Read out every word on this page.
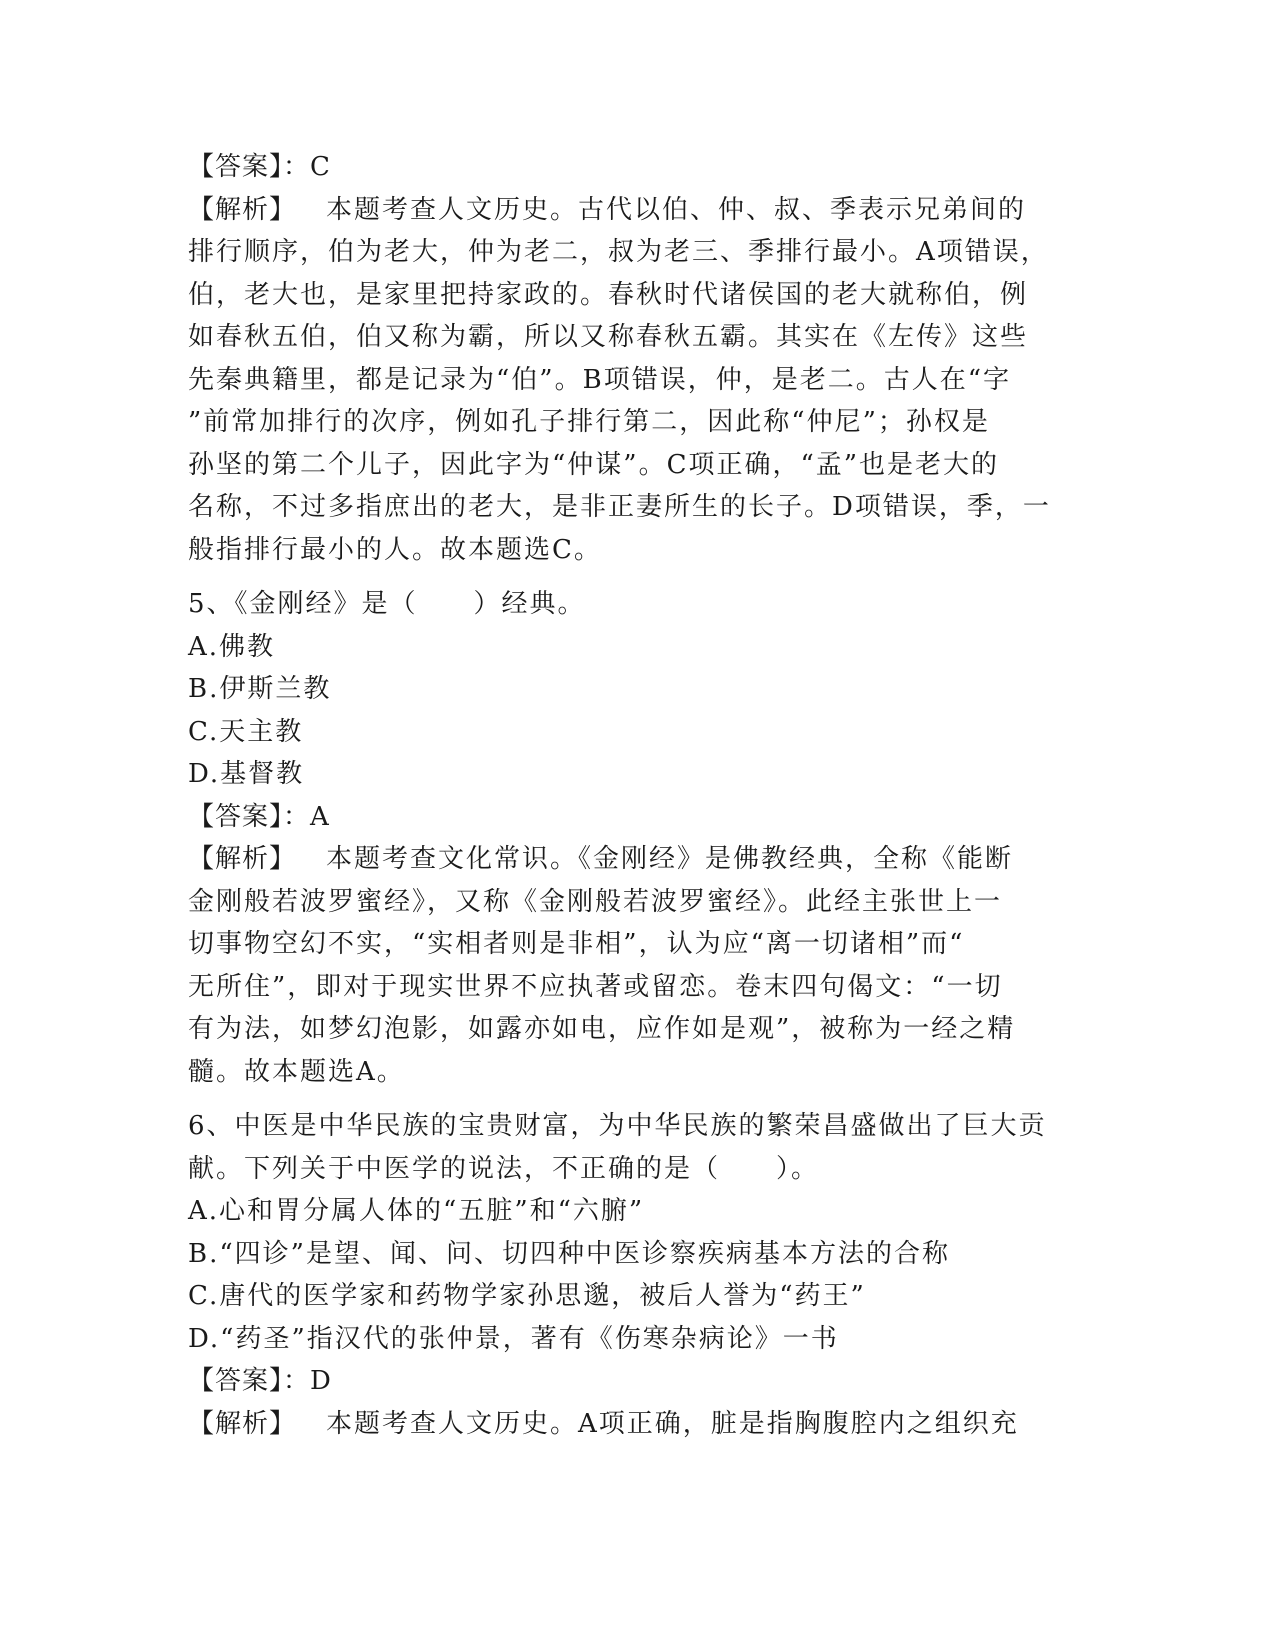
【答案】：C
【解析】 本题考查人文历史。古代以伯、仲、叔、季表示兄弟间的
排行顺序，伯为老大，仲为老二，叔为老三、季排行最小。A项错误，
伯，老大也，是家里把持家政的。春秋时代诸侯国的老大就称伯，例
如春秋五伯，伯又称为霸，所以又称春秋五霸。其实在《左传》这些
先秦典籍里，都是记录为“伯”。B项错误，仲，是老二。古人在“字
”前常加排行的次序，例如孔子排行第二，因此称“仲尼”；孙权是
孙坚的第二个儿子，因此字为“仲谋”。C项正确，“孟”也是老大的
名称，不过多指庶出的老大，是非正妻所生的长子。D项错误，季，一
般指排行最小的人。故本题选C。
5、《金刚经》是（　　）经典。
A.佛教
B.伊斯兰教
C.天主教
D.基督教
【答案】：A
【解析】 本题考查文化常识。《金刚经》是佛教经典，全称《能断
金刚般若波罗蜜经》，又称《金刚般若波罗蜜经》。此经主张世上一
切事物空幻不实，“实相者则是非相”，认为应“离一切诸相”而“
无所住”，即对于现实世界不应执著或留恋。卷末四句偈文：“一切
有为法，如梦幻泡影，如露亦如电，应作如是观”，被称为一经之精
髓。故本题选A。
6、中医是中华民族的宝贵财富，为中华民族的繁荣昌盛做出了巨大贡
献。下列关于中医学的说法，不正确的是（　　）。
A.心和胃分属人体的“五脏”和“六腑”
B.“四诊”是望、闻、问、切四种中医诊察疾病基本方法的合称
C.唐代的医学家和药物学家孙思邈，被后人誉为“药王”
D.“药圣”指汉代的张仲景，著有《伤寒杂病论》一书
【答案】：D
【解析】 本题考查人文历史。A项正确，脏是指胸腹腔内之组织充
